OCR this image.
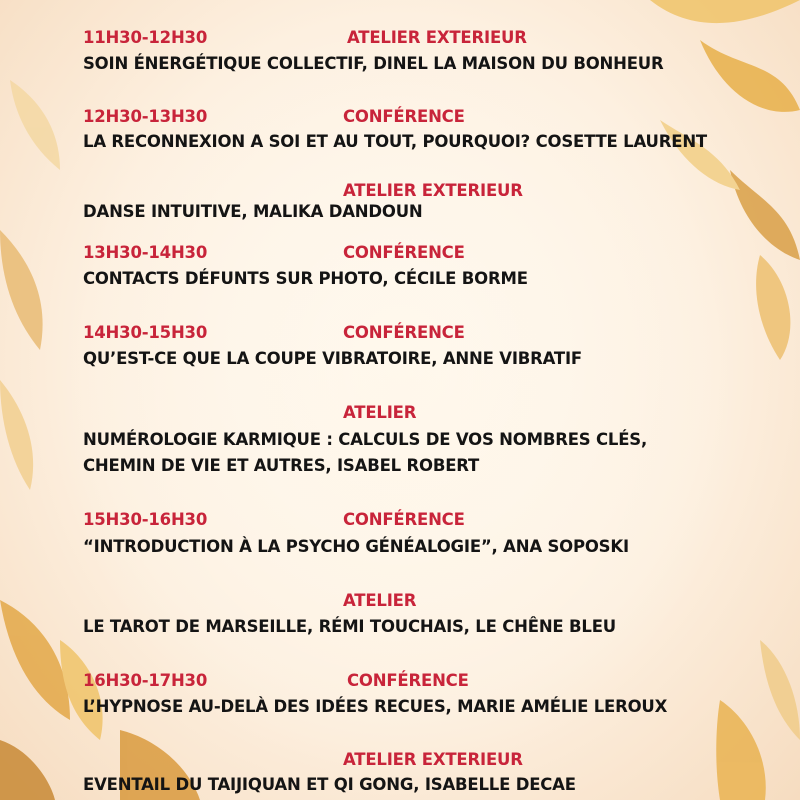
11H30-12H30	ATELIER EXTERIEUR
SOIN ÉNERGÉTIQUE COLLECTIF, DINEL LA MAISON DU BONHEUR
12H30-13H30	CONFÉRENCE
LA RECONNEXION A SOI ET AU TOUT, POURQUOI? COSETTE LAURENT
ATELIER EXTERIEUR
DANSE INTUITIVE, MALIKA DANDOUN
13H30-14H30	CONFÉRENCE
CONTACTS DÉFUNTS SUR PHOTO, CÉCILE BORME
14H30-15H30	CONFÉRENCE
QU’EST-CE QUE LA COUPE VIBRATOIRE, ANNE VIBRATIF
ATELIER
NUMÉROLOGIE KARMIQUE : CALCULS DE VOS NOMBRES CLÉS,
CHEMIN DE VIE ET AUTRES, ISABEL ROBERT
15H30-16H30	CONFÉRENCE
“INTRODUCTION À LA PSYCHO GÉNÉALOGIE”, ANA SOPOSKI
ATELIER
LE TAROT DE MARSEILLE, RÉMI TOUCHAIS, LE CHÊNE BLEU
16H30-17H30	CONFÉRENCE
L’HYPNOSE AU-DELÀ DES IDÉES RECUES, MARIE AMÉLIE LEROUX
ATELIER EXTERIEUR
EVENTAIL DU TAIJIQUAN ET QI GONG, ISABELLE DECAE
